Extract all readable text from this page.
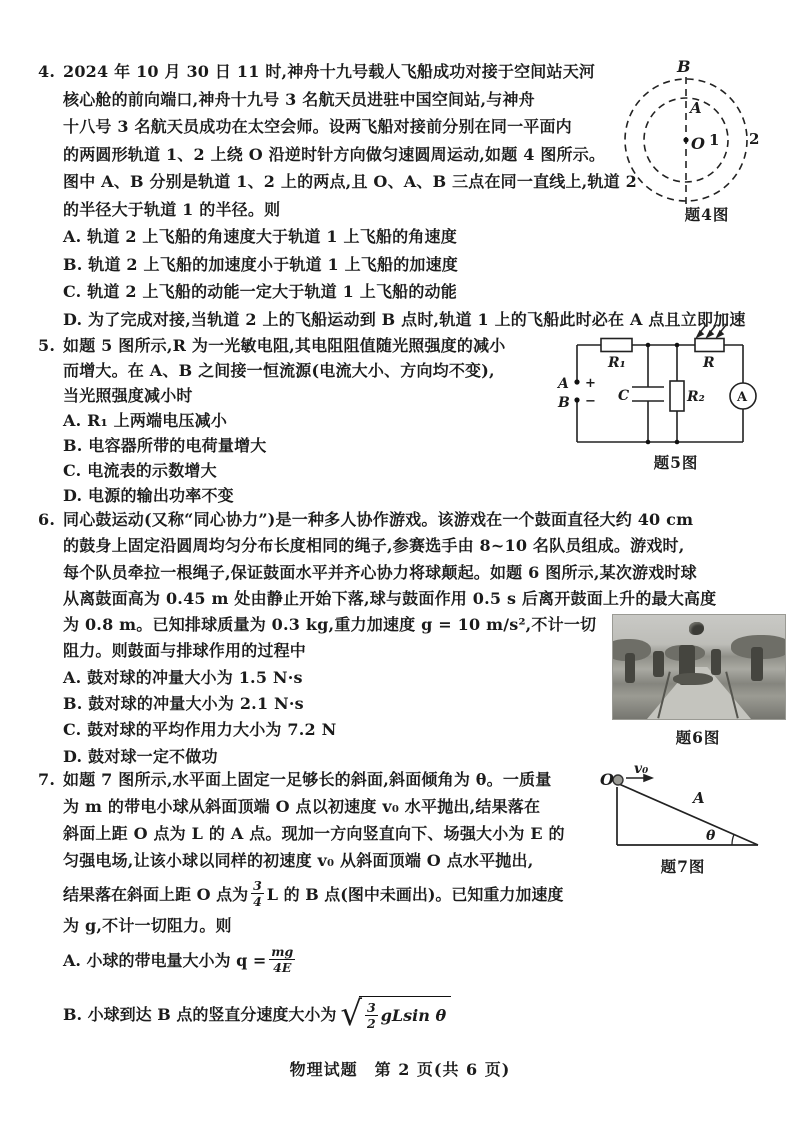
4. 2024 年 10 月 30 日 11 时,神舟十九号载人飞船成功对接于空间站天河
核心舱的前向端口,神舟十九号 3 名航天员进驻中国空间站,与神舟
十八号 3 名航天员成功在太空会师。设两飞船对接前分别在同一平面内
的两圆形轨道 1、2 上绕 O 沿逆时针方向做匀速圆周运动,如题 4 图所示。
图中 A、B 分别是轨道 1、2 上的两点,且 O、A、B 三点在同一直线上,轨道 2
的半径大于轨道 1 的半径。则
A. 轨道 2 上飞船的角速度大于轨道 1 上飞船的角速度
B. 轨道 2 上飞船的加速度小于轨道 1 上飞船的加速度
C. 轨道 2 上飞船的动能一定大于轨道 1 上飞船的动能
D. 为了完成对接,当轨道 2 上的飞船运动到 B 点时,轨道 1 上的飞船此时必在 A 点且立即加速
B
A
O 1 2
题4图
5. 如题 5 图所示,R 为一光敏电阻,其电阻阻值随光照强度的减小
而增大。在 A、B 之间接一恒流源(电流大小、方向均不变),
当光照强度减小时
A. R₁ 上两端电压减小
B. 电容器所带的电荷量增大
C. 电流表的示数增大
D. 电源的输出功率不变
R₁	R
R₂
C	A
A
B
+
−
题5图
6. 同心鼓运动(又称“同心协力”)是一种多人协作游戏。该游戏在一个鼓面直径大约 40 cm
的鼓身上固定沿圆周均匀分布长度相同的绳子,参赛选手由 8~10 名队员组成。游戏时,
每个队员牵拉一根绳子,保证鼓面水平并齐心协力将球颠起。如题 6 图所示,某次游戏时球
从离鼓面高为 0.45 m 处由静止开始下落,球与鼓面作用 0.5 s 后离开鼓面上升的最大高度
为 0.8 m。已知排球质量为 0.3 kg,重力加速度 g = 10 m/s²,不计一切
阻力。则鼓面与排球作用的过程中
A. 鼓对球的冲量大小为 1.5 N·s
B. 鼓对球的冲量大小为 2.1 N·s
C. 鼓对球的平均作用力大小为 7.2 N
D. 鼓对球一定不做功
题6图
7. 如题 7 图所示,水平面上固定一足够长的斜面,斜面倾角为 θ。一质量
为 m 的带电小球从斜面顶端 O 点以初速度 v₀ 水平抛出,结果落在
斜面上距 O 点为 L 的 A 点。现加一方向竖直向下、场强大小为 E 的
匀强电场,让该小球以同样的初速度 v₀ 从斜面顶端 O 点水平抛出,
结果落在斜面上距 O 点为 $\frac{3}{4}$ L 的 B 点(图中未画出)。已知重力加速度
为 g,不计一切阻力。则
A. 小球的带电量大小为 $q = \frac{mg}{4E}$
B. 小球到达 B 点的竖直分速度大小为 √ $\frac{3}{2}$ gLsin θ
O
v₀
A
θ
题7图
物理试题　第 2 页(共 6 页)
